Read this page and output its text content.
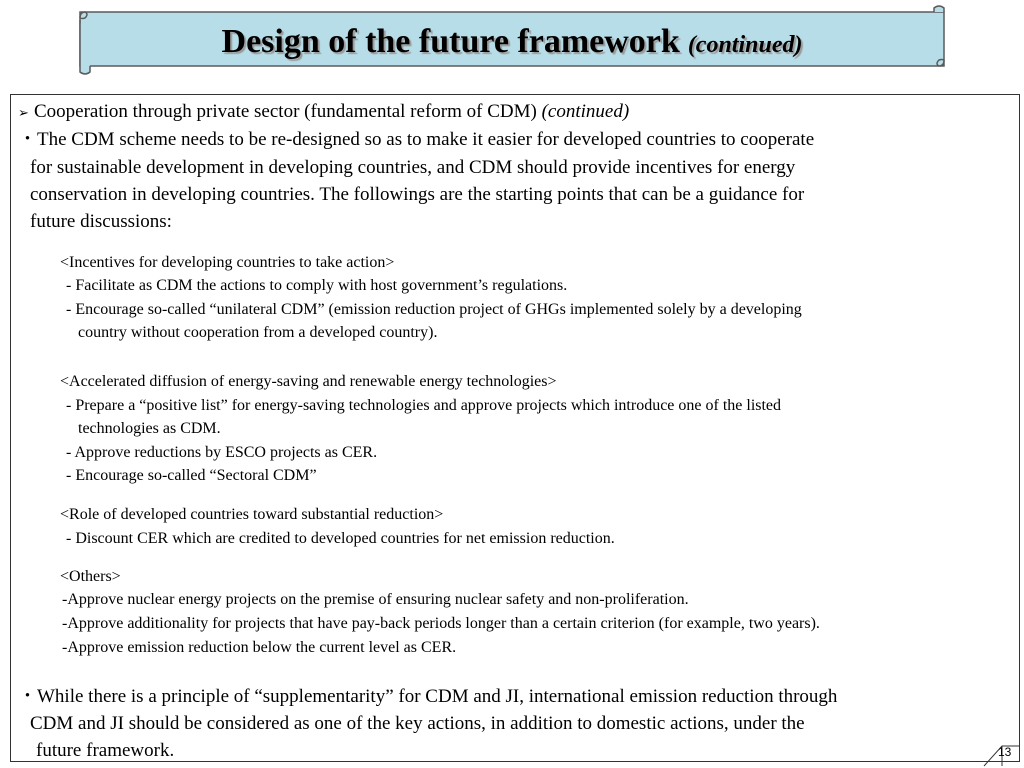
Design of the future framework (continued)
➢ Cooperation through private sector (fundamental reform of CDM) (continued)
・The CDM scheme needs to be re-designed so as to make it easier for developed countries to cooperate
for sustainable development in developing countries, and CDM should provide incentives for energy
conservation in developing countries. The followings are the starting points that can be a guidance for
future discussions:
<Incentives for developing countries to take action>
- Facilitate as CDM the actions to comply with host government’s regulations.
- Encourage so-called “unilateral CDM” (emission reduction project of GHGs implemented solely by a developing
country without cooperation from a developed country).
<Accelerated diffusion of energy-saving and renewable energy technologies>
- Prepare a “positive list” for energy-saving technologies and approve projects which introduce one of the listed
technologies as CDM.
- Approve reductions by ESCO projects as CER.
- Encourage so-called “Sectoral CDM”
<Role of developed countries toward substantial reduction>
- Discount CER which are credited to developed countries for net emission reduction.
<Others>
-Approve nuclear energy projects on the premise of ensuring nuclear safety and non-proliferation.
-Approve additionality for projects that have pay-back periods longer than a certain criterion (for example, two years).
-Approve emission reduction below the current level as CER.
・While there is a principle of “supplementarity” for CDM and JI, international emission reduction through
CDM and JI should be considered as one of the key actions, in addition to domestic actions, under the
future framework.	13
